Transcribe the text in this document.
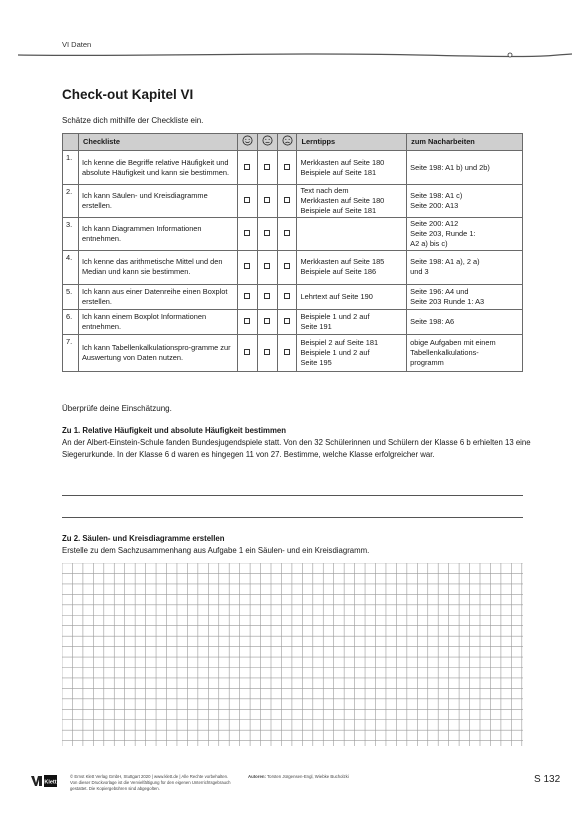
VI Daten
Check-out Kapitel VI
Schätze dich mithilfe der Checkliste ein.
	Checkliste				Lerntipps	zum Nacharbeiten
1.	Ich kenne die Begriffe relative Häufigkeit und absolute Häufigkeit und kann sie bestimmen.				Merkkasten auf Seite 180
Beispiele auf Seite 181	Seite 198: A1 b) und 2b)

2.	Ich kann Säulen- und Kreisdiagramme erstellen.				Text nach dem
Merkkasten auf Seite 180
Beispiele auf Seite 181	Seite 198: A1 c)
Seite 200: A13

3.	Ich kann Diagrammen Informationen entnehmen.					Seite 200: A12
Seite 203, Runde 1:
A2 a) bis c)

4.	Ich kenne das arithmetische Mittel und den Median und kann sie bestimmen.				Merkkasten auf Seite 185
Beispiele auf Seite 186	Seite 198: A1 a), 2 a)
und 3

5.	Ich kann aus einer Datenreihe einen Boxplot erstellen.				Lehrtext auf Seite 190	Seite 196: A4 und
Seite 203 Runde 1: A3

6.	Ich kann einem Boxplot Informationen entnehmen.				Beispiele 1 und 2 auf
Seite 191	Seite 198: A6

7.	Ich kann Tabellenkalkulationspro-gramme zur Auswertung von Daten nutzen.				Beispiel 2 auf Seite 181
Beispiele 1 und 2 auf
Seite 195	obige Aufgaben mit einem
Tabellenkalkulations-
programm
Überprüfe deine Einschätzung.
Zu 1. Relative Häufigkeit und absolute Häufigkeit bestimmen
An der Albert-Einstein-Schule fanden Bundesjugendspiele statt. Von den 32 Schülerinnen und Schülern der Klasse 6 b erhielten 13 eine Siegerurkunde. In der Klasse 6 d waren es hingegen 11 von 27. Bestimme, welche Klasse erfolgreicher war.
Zu 2. Säulen- und Kreisdiagramme erstellen
Erstelle zu dem Sachzusammenhang aus Aufgabe 1 ein Säulen- und ein Kreisdiagramm.
Klett
© Ernst Klett Verlag GmbH, Stuttgart 2020 | www.klett.de | Alle Rechte vorbehalten. Von dieser Druckvorlage ist die Vervielfältigung für den eigenen Unterrichtsgebrauch gestattet. Die Kopiergebühren sind abgegolten.
Autoren: Torsten Jürgensen-Engl, Wiebke Bucholzki	S 132
